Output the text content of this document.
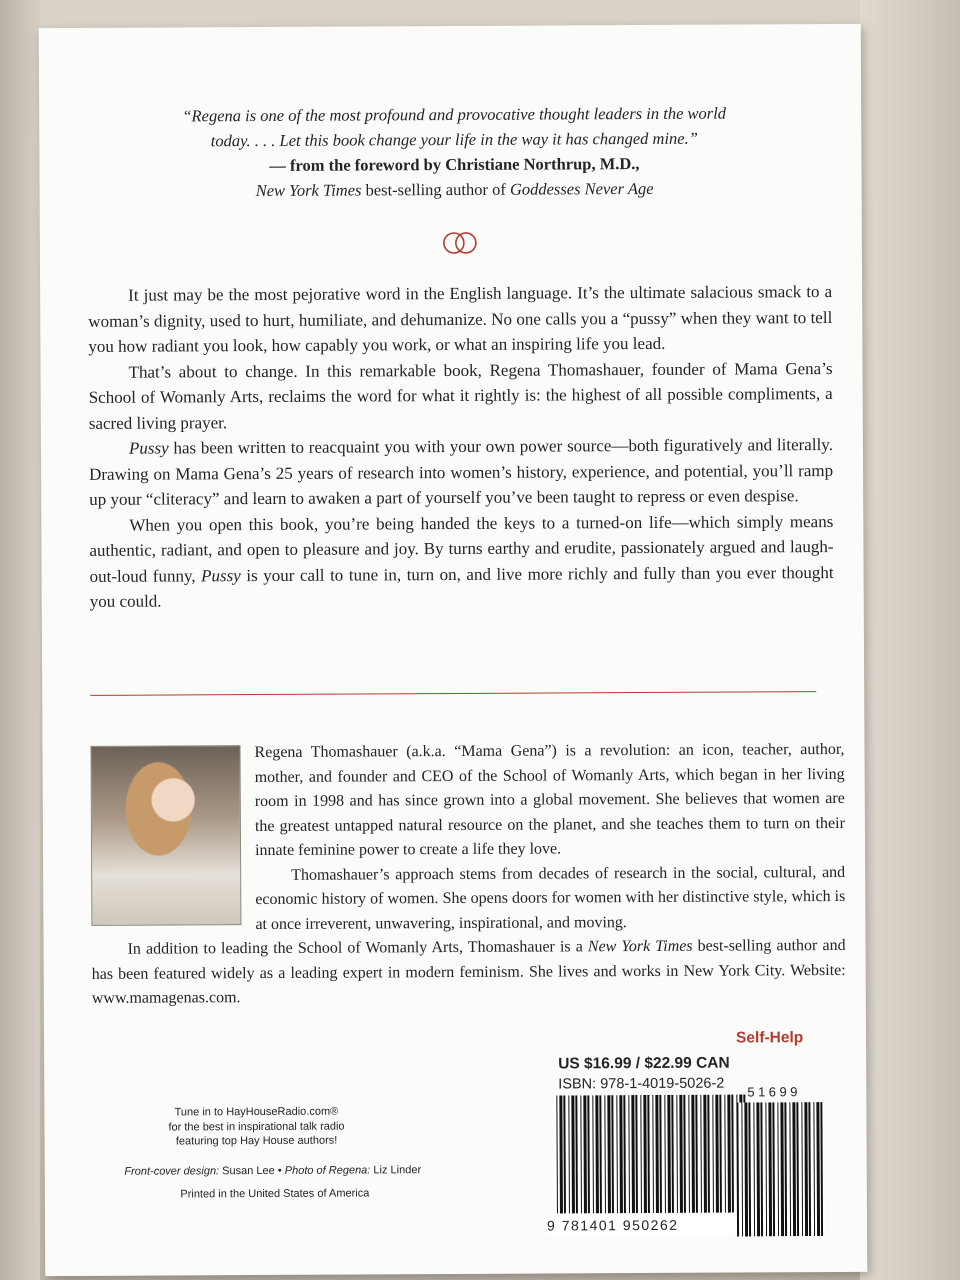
“Regena is one of the most profound and provocative thought leaders in the world
today. . . . Let this book change your life in the way it has changed mine.”
— from the foreword by Christiane Northrup, M.D.,
New York Times best-selling author of Goddesses Never Age

It just may be the most pejorative word in the English language. It’s the ultimate salacious smack to a woman’s dignity, used to hurt, humiliate, and dehumanize. No one calls you a “pussy” when they want to tell you how radiant you look, how capably you work, or what an inspiring life you lead.

That’s about to change. In this remarkable book, Regena Thomashauer, founder of Mama Gena’s School of Womanly Arts, reclaims the word for what it rightly is: the highest of all possible compliments, a sacred living prayer.

Pussy has been written to reacquaint you with your own power source—both figuratively and literally. Drawing on Mama Gena’s 25 years of research into women’s history, experience, and potential, you’ll ramp up your “cliteracy” and learn to awaken a part of yourself you’ve been taught to repress or even despise.

When you open this book, you’re being handed the keys to a turned-on life—which simply means authentic, radiant, and open to pleasure and joy. By turns earthy and erudite, passionately argued and laugh-out-loud funny, Pussy is your call to tune in, turn on, and live more richly and fully than you ever thought you could.

Regena Thomashauer (a.k.a. “Mama Gena”) is a revolution: an icon, teacher, author, mother, and founder and CEO of the School of Womanly Arts, which began in her living room in 1998 and has since grown into a global movement. She believes that women are the greatest untapped natural resource on the planet, and she teaches them to turn on their innate feminine power to create a life they love.

Thomashauer’s approach stems from decades of research in the social, cultural, and economic history of women. She opens doors for women with her distinctive style, which is at once irreverent, unwavering, inspirational, and moving.

In addition to leading the School of Womanly Arts, Thomashauer is a New York Times best-selling author and has been featured widely as a leading expert in modern feminism. She lives and works in New York City. Website: www.mamagenas.com.

Self-Help
US $16.99 / $22.99 CAN
ISBN: 978-1-4019-5026-2 51699
9 781401 950262
Tune in to HayHouseRadio.com®
for the best in inspirational talk radio
featuring top Hay House authors!
Front-cover design: Susan Lee • Photo of Regena: Liz Linder
Printed in the United States of America
